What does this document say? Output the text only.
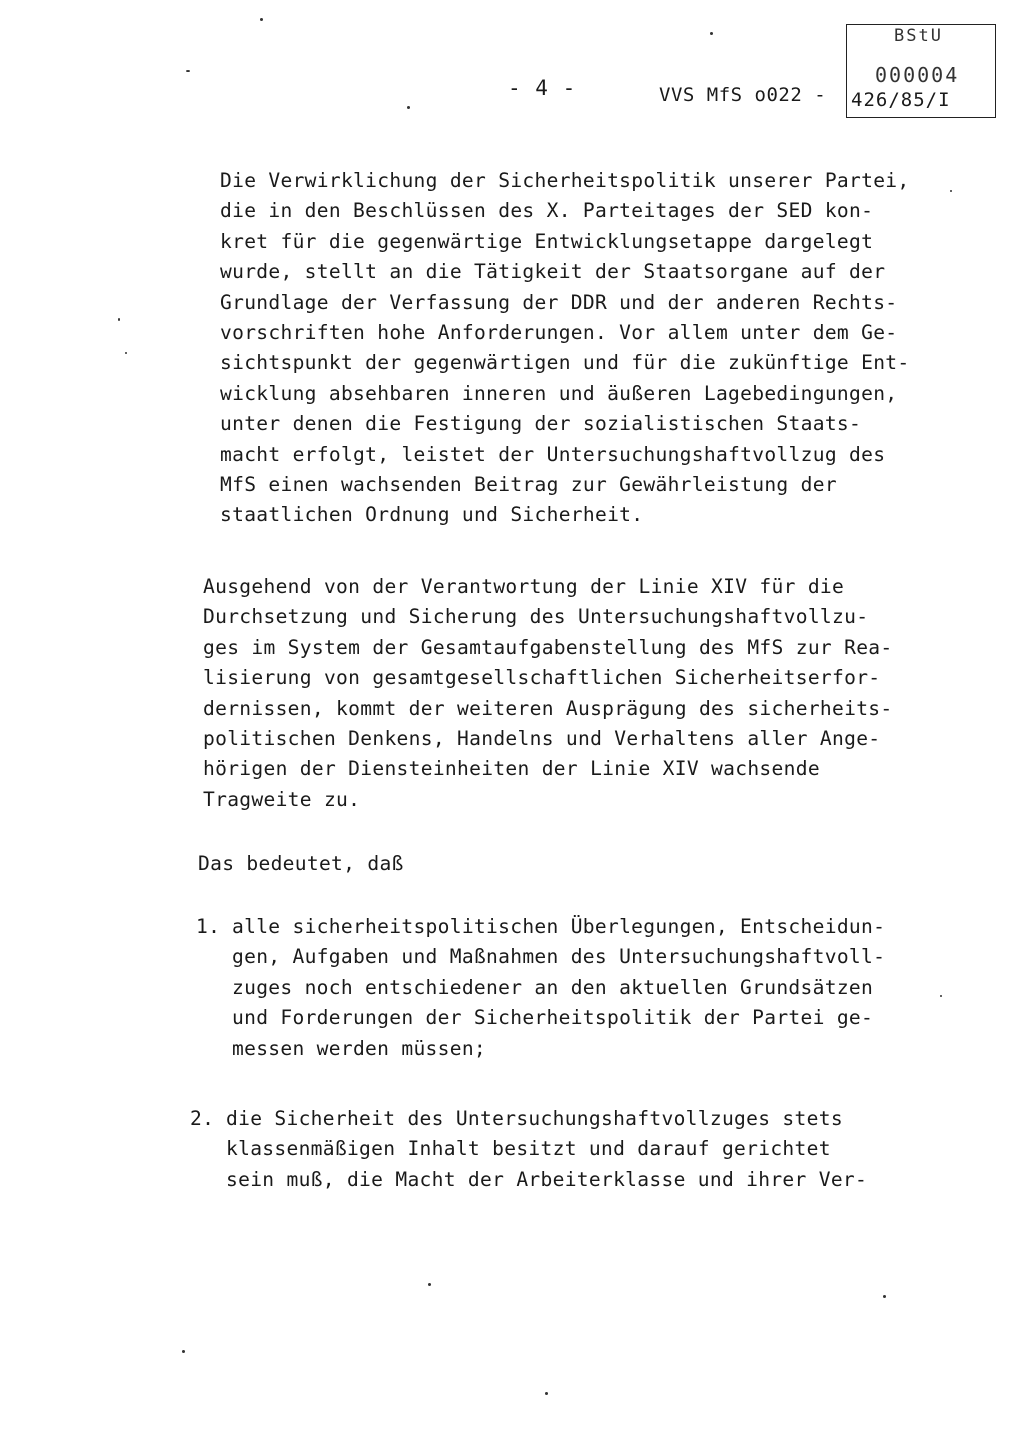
- 4 -	VVS MfS o022 -
BStU
000004
426/85/I

Die Verwirklichung der Sicherheitspolitik unserer Partei,
die in den Beschlüssen des X. Parteitages der SED kon-
kret für die gegenwärtige Entwicklungsetappe dargelegt
wurde, stellt an die Tätigkeit der Staatsorgane auf der
Grundlage der Verfassung der DDR und der anderen Rechts-
vorschriften hohe Anforderungen. Vor allem unter dem Ge-
sichtspunkt der gegenwärtigen und für die zukünftige Ent-
wicklung absehbaren inneren und äußeren Lagebedingungen,
unter denen die Festigung der sozialistischen Staats-
macht erfolgt, leistet der Untersuchungshaftvollzug des
MfS einen wachsenden Beitrag zur Gewährleistung der
staatlichen Ordnung und Sicherheit.

Ausgehend von der Verantwortung der Linie XIV für die
Durchsetzung und Sicherung des Untersuchungshaftvollzu-
ges im System der Gesamtaufgabenstellung des MfS zur Rea-
lisierung von gesamtgesellschaftlichen Sicherheitserfor-
dernissen, kommt der weiteren Ausprägung des sicherheits-
politischen Denkens, Handelns und Verhaltens aller Ange-
hörigen der Diensteinheiten der Linie XIV wachsende
Tragweite zu.

Das bedeutet, daß

1. alle sicherheitspolitischen Überlegungen, Entscheidun-
gen, Aufgaben und Maßnahmen des Untersuchungshaftvoll-
zuges noch entschiedener an den aktuellen Grundsätzen
und Forderungen der Sicherheitspolitik der Partei ge-
messen werden müssen;
2. die Sicherheit des Untersuchungshaftvollzuges stets
klassenmäßigen Inhalt besitzt und darauf gerichtet
sein muß, die Macht der Arbeiterklasse und ihrer Ver-
